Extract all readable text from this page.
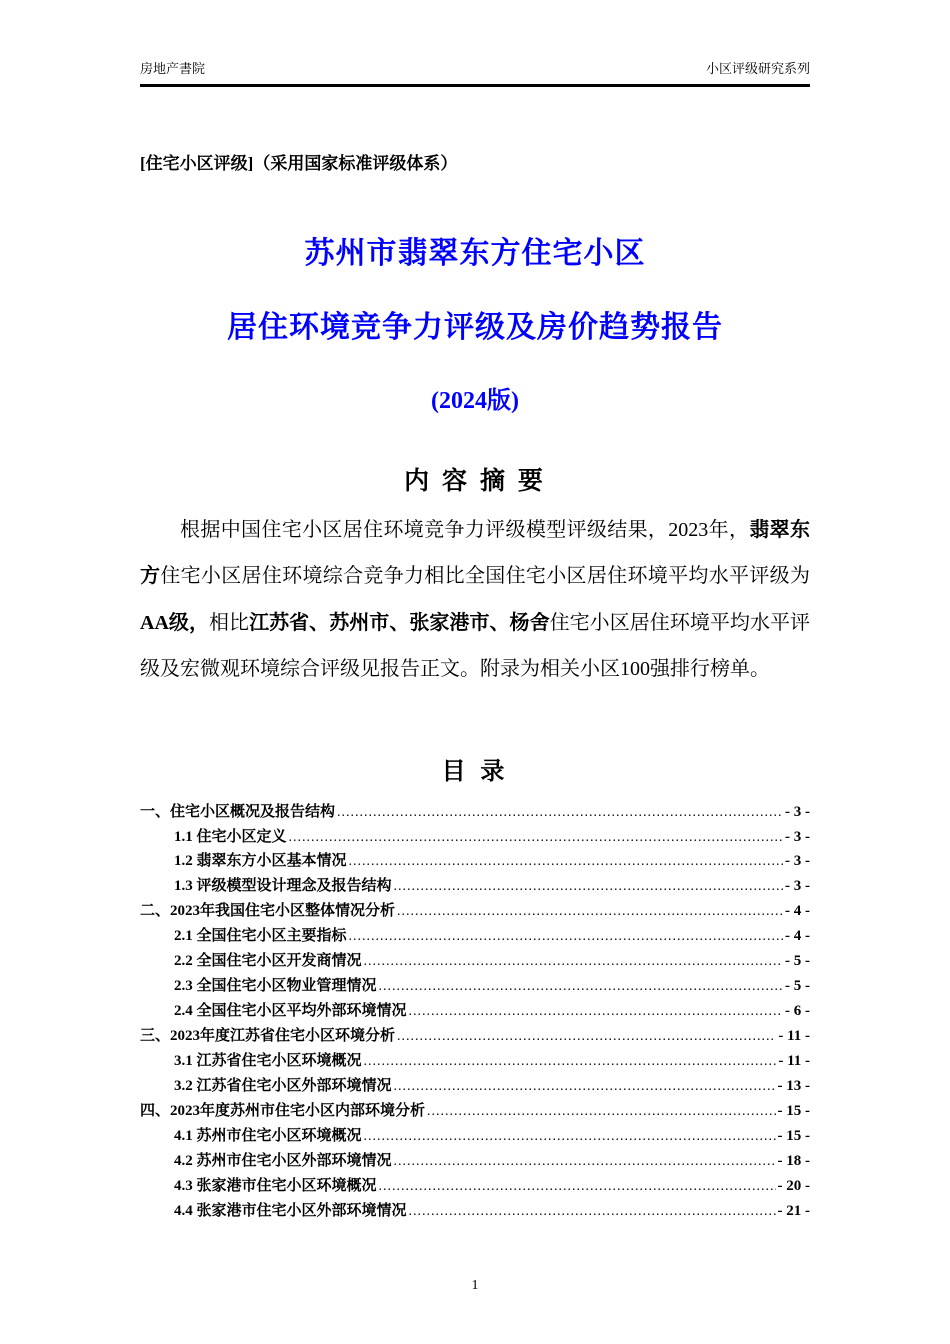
房地产書院	小区评级研究系列
[住宅小区评级]（采用国家标准评级体系）
苏州市翡翠东方住宅小区
居住环境竞争力评级及房价趋势报告
(2024版)
内 容 摘 要
根据中国住宅小区居住环境竞争力评级模型评级结果，2023年，翡翠东方住宅小区居住环境综合竞争力相比全国住宅小区居住环境平均水平评级为AA级，相比江苏省、苏州市、张家港市、杨舍住宅小区居住环境平均水平评级及宏微观环境综合评级见报告正文。附录为相关小区100强排行榜单。
目 录
一、住宅小区概况及报告结构 .....	- 3 -
1.1 住宅小区定义 .....	- 3 -
1.2 翡翠东方小区基本情况 .....	- 3 -
1.3 评级模型设计理念及报告结构 .....	- 3 -
二、2023年我国住宅小区整体情况分析 .....	- 4 -
2.1 全国住宅小区主要指标 .....	- 4 -
2.2 全国住宅小区开发商情况 .....	- 5 -
2.3 全国住宅小区物业管理情况 .....	- 5 -
2.4 全国住宅小区平均外部环境情况 .....	- 6 -
三、2023年度江苏省住宅小区环境分析 .....	- 11 -
3.1 江苏省住宅小区环境概况 .....	- 11 -
3.2 江苏省住宅小区外部环境情况 .....	- 13 -
四、2023年度苏州市住宅小区内部环境分析 .....	- 15 -
4.1 苏州市住宅小区环境概况 .....	- 15 -
4.2 苏州市住宅小区外部环境情况 .....	- 18 -
4.3 张家港市住宅小区环境概况 .....	- 20 -
4.4 张家港市住宅小区外部环境情况 .....	- 21 -
1
